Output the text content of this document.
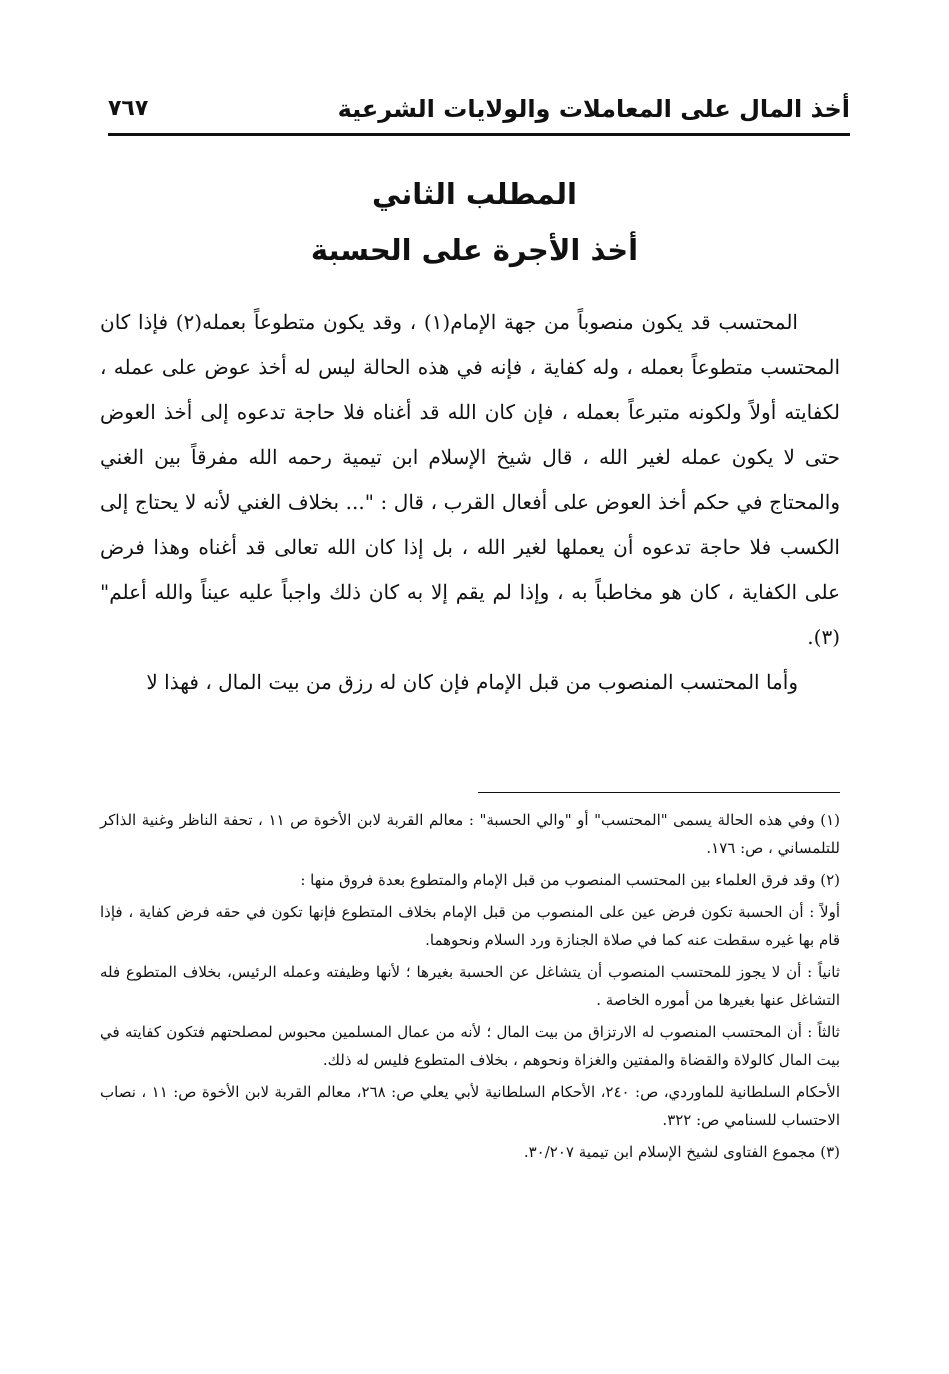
أخذ المال على المعاملات والولايات الشرعية
٧٦٧
المطلب الثاني
أخذ الأجرة على الحسبة

المحتسب قد يكون منصوباً من جهة الإمام(١) ، وقد يكون متطوعاً بعمله(٢) فإذا كان المحتسب متطوعاً بعمله ، وله كفاية ، فإنه في هذه الحالة ليس له أخذ عوض على عمله ، لكفايته أولاً ولكونه متبرعاً بعمله ، فإن كان الله قد أغناه فلا حاجة تدعوه إلى أخذ العوض حتى لا يكون عمله لغير الله ، قال شيخ الإسلام ابن تيمية رحمه الله مفرقاً بين الغني والمحتاج في حكم أخذ العوض على أفعال القرب ، قال : "... بخلاف الغني لأنه لا يحتاج إلى الكسب فلا حاجة تدعوه أن يعملها لغير الله ، بل إذا كان الله تعالى قد أغناه وهذا فرض على الكفاية ، كان هو مخاطباً به ، وإذا لم يقم إلا به كان ذلك واجباً عليه عيناً والله أعلم"(٣).

وأما المحتسب المنصوب من قبل الإمام فإن كان له رزق من بيت المال ، فهذا لا

(١) وفي هذه الحالة يسمى "المحتسب" أو "والي الحسبة" : معالم القربة لابن الأخوة ص ١١ ، تحفة الناظر وغنية الذاكر للتلمساني ، ص: ١٧٦.

(٢) وقد فرق العلماء بين المحتسب المنصوب من قبل الإمام والمتطوع بعدة فروق منها :

أولاً : أن الحسبة تكون فرض عين على المنصوب من قبل الإمام بخلاف المتطوع فإنها تكون في حقه فرض كفاية ، فإذا قام بها غيره سقطت عنه كما في صلاة الجنازة ورد السلام ونحوهما.

ثانياً : أن لا يجوز للمحتسب المنصوب أن يتشاغل عن الحسبة بغيرها ؛ لأنها وظيفته وعمله الرئيس، بخلاف المتطوع فله التشاغل عنها بغيرها من أموره الخاصة .

ثالثاً : أن المحتسب المنصوب له الارتزاق من بيت المال ؛ لأنه من عمال المسلمين محبوس لمصلحتهم فتكون كفايته في بيت المال كالولاة والقضاة والمفتين والغزاة ونحوهم ، بخلاف المتطوع فليس له ذلك.

الأحكام السلطانية للماوردي، ص: ٢٤٠، الأحكام السلطانية لأبي يعلي ص: ٢٦٨، معالم القربة لابن الأخوة ص: ١١ ، نصاب الاحتساب للسنامي ص: ٣٢٢.

(٣) مجموع الفتاوى لشيخ الإسلام ابن تيمية ٣٠/٢٠٧.
